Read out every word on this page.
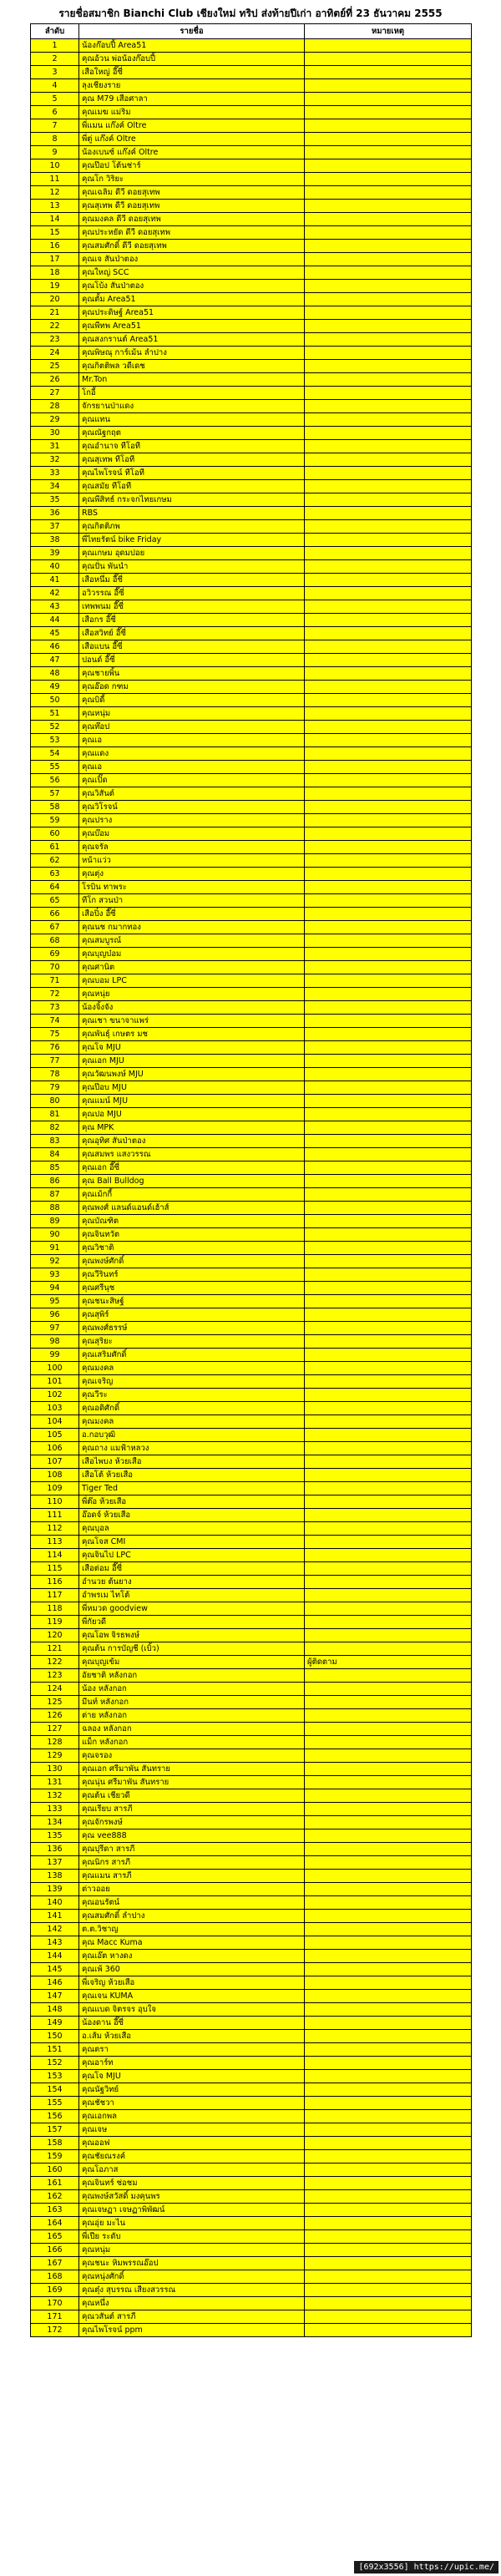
รายชื่อสมาชิก Bianchi Club เชียงใหม่ ทริป ส่งท้ายปีเก่า อาทิตย์ที่ 23 ธันวาคม 2555
ลำดับ	รายชื่อ	หมายเหตุ
1	น้องก๊อบปี้ Area51	
2	คุณอ้วน พ่อน้องก๊อบปี้	
3	เสือใหญ่ อี๊ซี่	
4	ลุงเชียงราย	
5	คุณ M79 เสือศาลา	
6	คุณเมฆ แม่ริม	
7	พี่แมน แก๊งค์ Oltre	
8	พี่ตู่ แก๊งค์ Oltre	
9	น้องเบนซ์ แก๊งค์ Oltre	
10	คุณป๊อป โต้นช่าร์	
11	คุณโก วิริยะ	
12	คุณเฉลิม ดีวี ดอยสุเทพ	
13	คุณสุเทพ ดีวี ดอยสุเทพ	
14	คุณมงคล ดีวี ดอยสุเทพ	
15	คุณประหยัด ดีวี ดอยสุเทพ	
16	คุณสมศักดิ์ ดีวี ดอยสุเทพ	
17	คุณเจ สันป่าตอง	
18	คุณใหญ่ SCC	
19	คุณโบ้ง สันป่าตอง	
20	คุณตั้ม Area51	
21	คุณประดิษฐ์ Area51	
22	คุณพีทพ Area51	
23	คุณสงกรานต์ Area51	
24	คุณพิษณุ การ์เม้น ลำปาง	
25	คุณกิตติพล วดีเดช	
26	Mr.Ton	
27	โกอี้	
28	จักรยานป่าแดง	
29	คุณแทน	
30	คุณณัฐกฤต	
31	คุณอำนาจ ทีโอที	
32	คุณสุเทพ ทีโอที	
33	คุณไพโรจน์ ทีโอที	
34	คุณสมัย ทีโอที	
35	คุณพีสิทธ์ กระจกไทยเกษม	
36	RBS	
37	คุณกิตติภพ	
38	พี่ไทยรัตน์ bike Friday	
39	คุณเกษม อุดมปอย	
40	คุณปั่น พันนำ	
41	เสือหนึ่ม อี๊ซี่	
42	อวิวรรณ อี๊ซี่	
43	เทพพนม อี๊ซี่	
44	เสือกร อี๊ซี่	
45	เสือสวิทย์ อี๊ซี่	
46	เสือแบน อี๊ซี่	
47	ปอนด์ อี๊ซี่	
48	คุณชายพิ้น	
49	คุณอ๊อด กฑม	
50	คุณบิดี้	
51	คุณหนุ่ม	
52	คุณท๊อป	
53	คุณเอ	
54	คุณแดง	
55	คุณเอ	
56	คุณเปิ๊ด	
57	คุณวิสันต์	
58	คุณวิโรจน์	
59	คุณปราง	
60	คุณบ๊อม	
61	คุณจรัล	
62	หน้าแว่ว	
63	คุณตุ่ง	
64	โรบิน ทาพระ	
65	ทีโก สวนป่า	
66	เสือปิ๋ง อี๊ซี่	
67	คุณนช กมากทอง	
68	คุณสมบูรณ์	
69	คุณบุญบ๋อม	
70	คุณศานิต	
71	คุณบอม LPC	
72	คุณหนุ่ย	
73	น้องจิ้งจัง	
74	คุณเชา ขนาจาแพร่	
75	คุณพันธุ์ เกษตร มช	
76	คุณโจ MJU	
77	คุณเอก MJU	
78	คุณวัฒนพงษ์ MJU	
79	คุณป๊อบ MJU	
80	คุณแมน์ MJU	
81	คุณปอ MJU	
82	คุณ MPK	
83	คุณอุทิศ สันป่าตอง	
84	คุณสมพร แสงวรรณ	
85	คุณเอก อี๊ซี่	
86	คุณ Ball Bulldog	
87	คุณเม้กกี้	
88	คุณพงศ์ แลนด์แอนด์เฮ้าส์	
89	คุณบัณฑิต	
90	คุณจินทวัต	
91	คุณวิชาติ	
92	คุณพงษ์ศักดิ์	
93	คุณวีรินทร์	
94	คุณศรีนุช	
95	คุณชนะสิษฐ์	
96	คุณสุพิร์	
97	คุณพงศ์ธรรษ์	
98	คุณสุริยะ	
99	คุณเสริมศักดิ์	
100	คุณมงคล	
101	คุณเจริญ	
102	คุณวีระ	
103	คุณอดิศักดิ์	
104	คุณมงคล	
105	อ.กอบวุฒิ	
106	คุณถาง แมฟ้าหลวง	
107	เสือไพบง ห้วยเสือ	
108	เสือโต้ ห้วยเสือ	
109	Tiger Ted	
110	พี่ต๊อ ห้วยเสือ	
111	อ๊อดจ์ ห้วยเสือ	
112	คุณบุอล	
113	คุณโจส CMI	
114	คุณจินไป LPC	
115	เสือต่อม อี๊ซี่	
116	อำนวย ต้นยาง	
117	อำพรเม ไทโต้	
118	พี่หมวด goodview	
119	พี่กัยวดี	
120	คุณโอพ จิรธพงษ์	
121	คุณต้น การบัญชี (เบิ้ว)	
122	คุณบุญเข้ม	ผู้ติดตาม
123	อัยชาติ หลังกอก	
124	น้อง หลังกอก	
125	มีนท์ หลังกอก	
126	ต่าย หลังกอก	
127	ฉลอง หลังกอก	
128	แม็ก หลังกอก	
129	คุณจรอง	
130	คุณเอก ศรีมาพัน สันทราย	
131	คุณนุ่น ศรีมาพัน สันทราย	
132	คุณต้น เชียวดี	
133	คุณเรียบ สารภี	
134	คุณจักรพงษ์	
135	คุณ vee888	
136	คุณปุรีดา สารภี	
137	คุณนิกร สารภี	
138	คุณแมน สารภี	
139	ต่าวออย	
140	คุณอนรัตน์	
141	คุณสมศักดิ์ ลำปาง	
142	ต.ต.วิชาญ	
143	คุณ Macc Kuma	
144	คุณเอ๊ต หางดง	
145	คุณเพ้ 360	
146	พี่เจริญ ห้วยเสือ	
147	คุณเจน KUMA	
148	คุณแบด จิตรจร อุบใจ	
149	น้องดาน อี๊ซี่	
150	อ.เส้ม ห้วยเสือ	
151	คุณตรา	
152	คุณอาร์ท	
153	คุณโจ MJU	
154	คุณนัฐวิทย์	
155	คุณชัชวา	
156	คุณเอกพล	
157	คุณเจษ	
158	คุณออฟ	
159	คุณชัยณรงค์	
160	คุณโอภาส	
161	คุณจินทร์ ช่อชม	
162	คุณพงษ์สวัสดิ์ มงคุนพร	
163	คุณเจษฏา เจษฏาพิพัฒน์	
164	คุณอุ่ย มะไน	
165	พี่เปีย ระดับ	
166	คุณหนุ่ม	
167	คุณชนะ หิมพรรณอ๊อป	
168	คุณหนุ่งศักดิ์	
169	คุณตุ๋ง สุบรรณ เสียงสวรรณ	
170	คุณหนึ่ง	
171	คุณวสันต์ สารภี	
172	คุณไพโรจน์ ppm	
[692x3556] https://upic.me/
